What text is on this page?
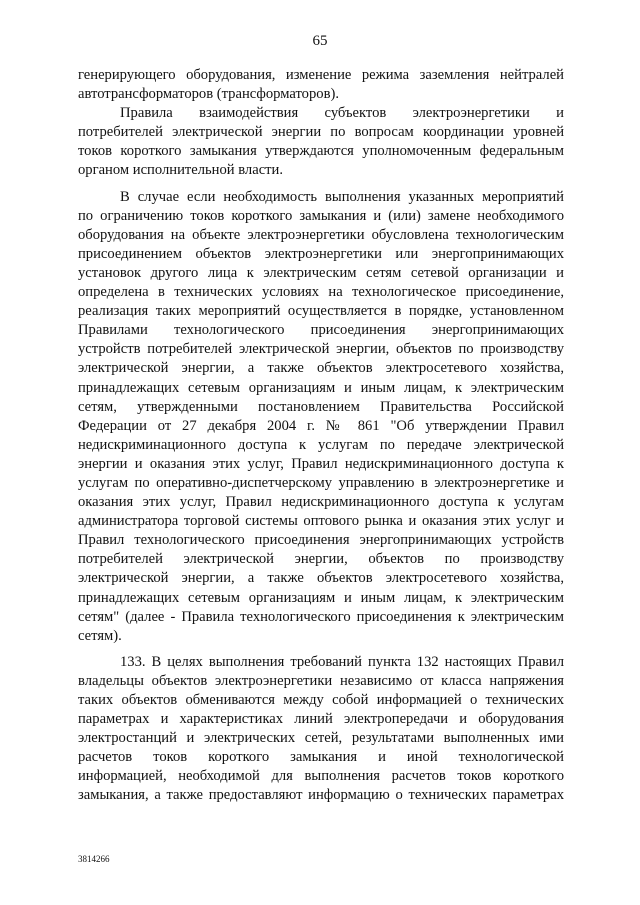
65

генерирующего оборудования, изменение режима заземления нейтралей
автотрансформаторов (трансформаторов).

Правила взаимодействия субъектов электроэнергетики и
потребителей электрической энергии по вопросам координации уровней
токов короткого замыкания утверждаются уполномоченным федеральным
органом исполнительной власти.

В случае если необходимость выполнения указанных мероприятий
по ограничению токов короткого замыкания и (или) замене необходимого
оборудования на объекте электроэнергетики обусловлена технологическим
присоединением объектов электроэнергетики или энергопринимающих
установок другого лица к электрическим сетям сетевой организации и
определена в технических условиях на технологическое присоединение,
реализация таких мероприятий осуществляется в порядке, установленном
Правилами технологического присоединения энергопринимающих
устройств потребителей электрической энергии, объектов по производству
электрической энергии, а также объектов электросетевого хозяйства,
принадлежащих сетевым организациям и иным лицам, к электрическим
сетям, утвержденными постановлением Правительства Российской
Федерации от 27 декабря 2004 г. № 861 "Об утверждении Правил
недискриминационного доступа к услугам по передаче электрической
энергии и оказания этих услуг, Правил недискриминационного доступа к
услугам по оперативно-диспетчерскому управлению в электроэнергетике и
оказания этих услуг, Правил недискриминационного доступа к услугам
администратора торговой системы оптового рынка и оказания этих услуг и
Правил технологического присоединения энергопринимающих устройств
потребителей электрической энергии, объектов по производству
электрической энергии, а также объектов электросетевого хозяйства,
принадлежащих сетевым организациям и иным лицам, к электрическим
сетям" (далее - Правила технологического присоединения к электрическим
сетям).

133. В целях выполнения требований пункта 132 настоящих Правил
владельцы объектов электроэнергетики независимо от класса напряжения
таких объектов обмениваются между собой информацией о технических
параметрах и характеристиках линий электропередачи и оборудования
электростанций и электрических сетей, результатами выполненных ими
расчетов токов короткого замыкания и иной технологической
информацией, необходимой для выполнения расчетов токов короткого
замыкания, а также предоставляют информацию о технических параметрах

3814266
